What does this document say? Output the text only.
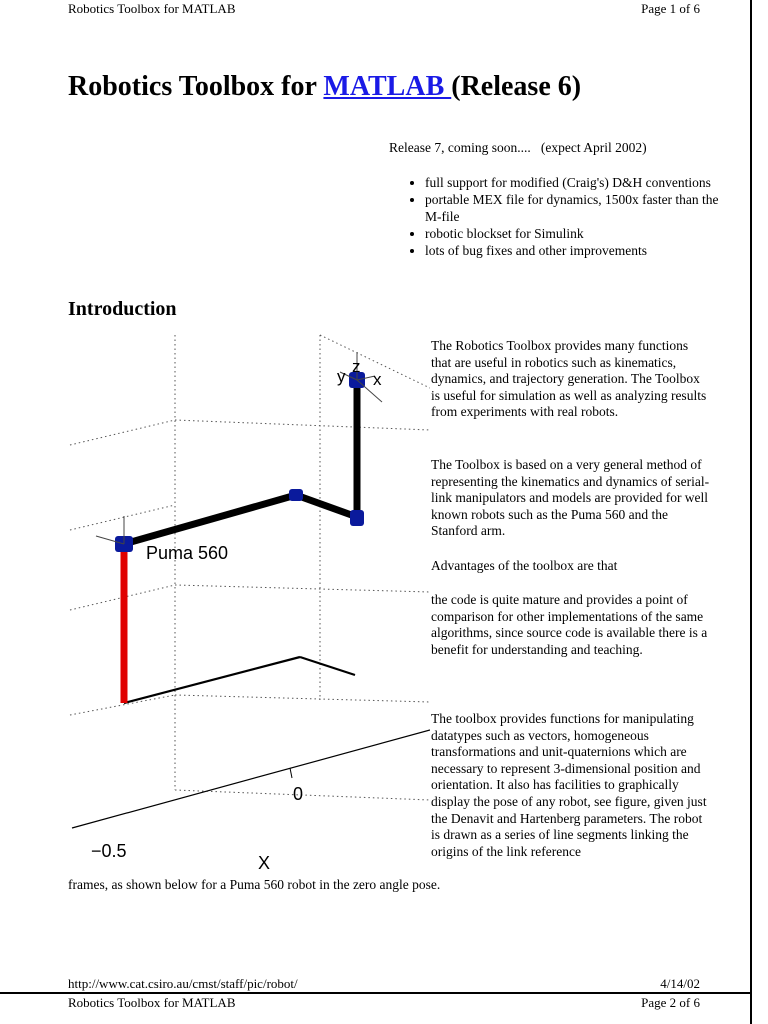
Robotics Toolbox for MATLAB	Page 1 of 6
Robotics Toolbox for MATLAB (Release 6)
Release 7, coming soon....   (expect April 2002)
• full support for modified (Craig's) D&H conventions
• portable MEX file for dynamics, 1500x faster than the M-file
• robotic blockset for Simulink
• lots of bug fixes and other improvements
Introduction

The Robotics Toolbox provides many functions that are useful in robotics such as kinematics, dynamics, and trajectory generation. The Toolbox is useful for simulation as well as analyzing results from experiments with real robots.

The Toolbox is based on a very general method of representing the kinematics and dynamics of serial-link manipulators and models are provided for well known robots such as the Puma 560 and the Stanford arm.

Advantages of the toolbox are that

the code is quite mature and provides a point of comparison for other implementations of the same algorithms, since source code is available there is a benefit for understanding and teaching.

The toolbox provides functions for manipulating datatypes such as vectors, homogeneous transformations and unit-quaternions which are necessary to represent 3-dimensional position and orientation. It also has facilities to graphically display the pose of any robot, see figure, given just the Denavit and Hartenberg parameters. The robot is drawn as a series of line segments linking the origins of the link reference

frames, as shown below for a Puma 560 robot in the zero angle pose.

y
z
x
Puma 560
0
−0.5
X
http://www.cat.csiro.au/cmst/staff/pic/robot/	4/14/02
Robotics Toolbox for MATLAB	Page 2 of 6
